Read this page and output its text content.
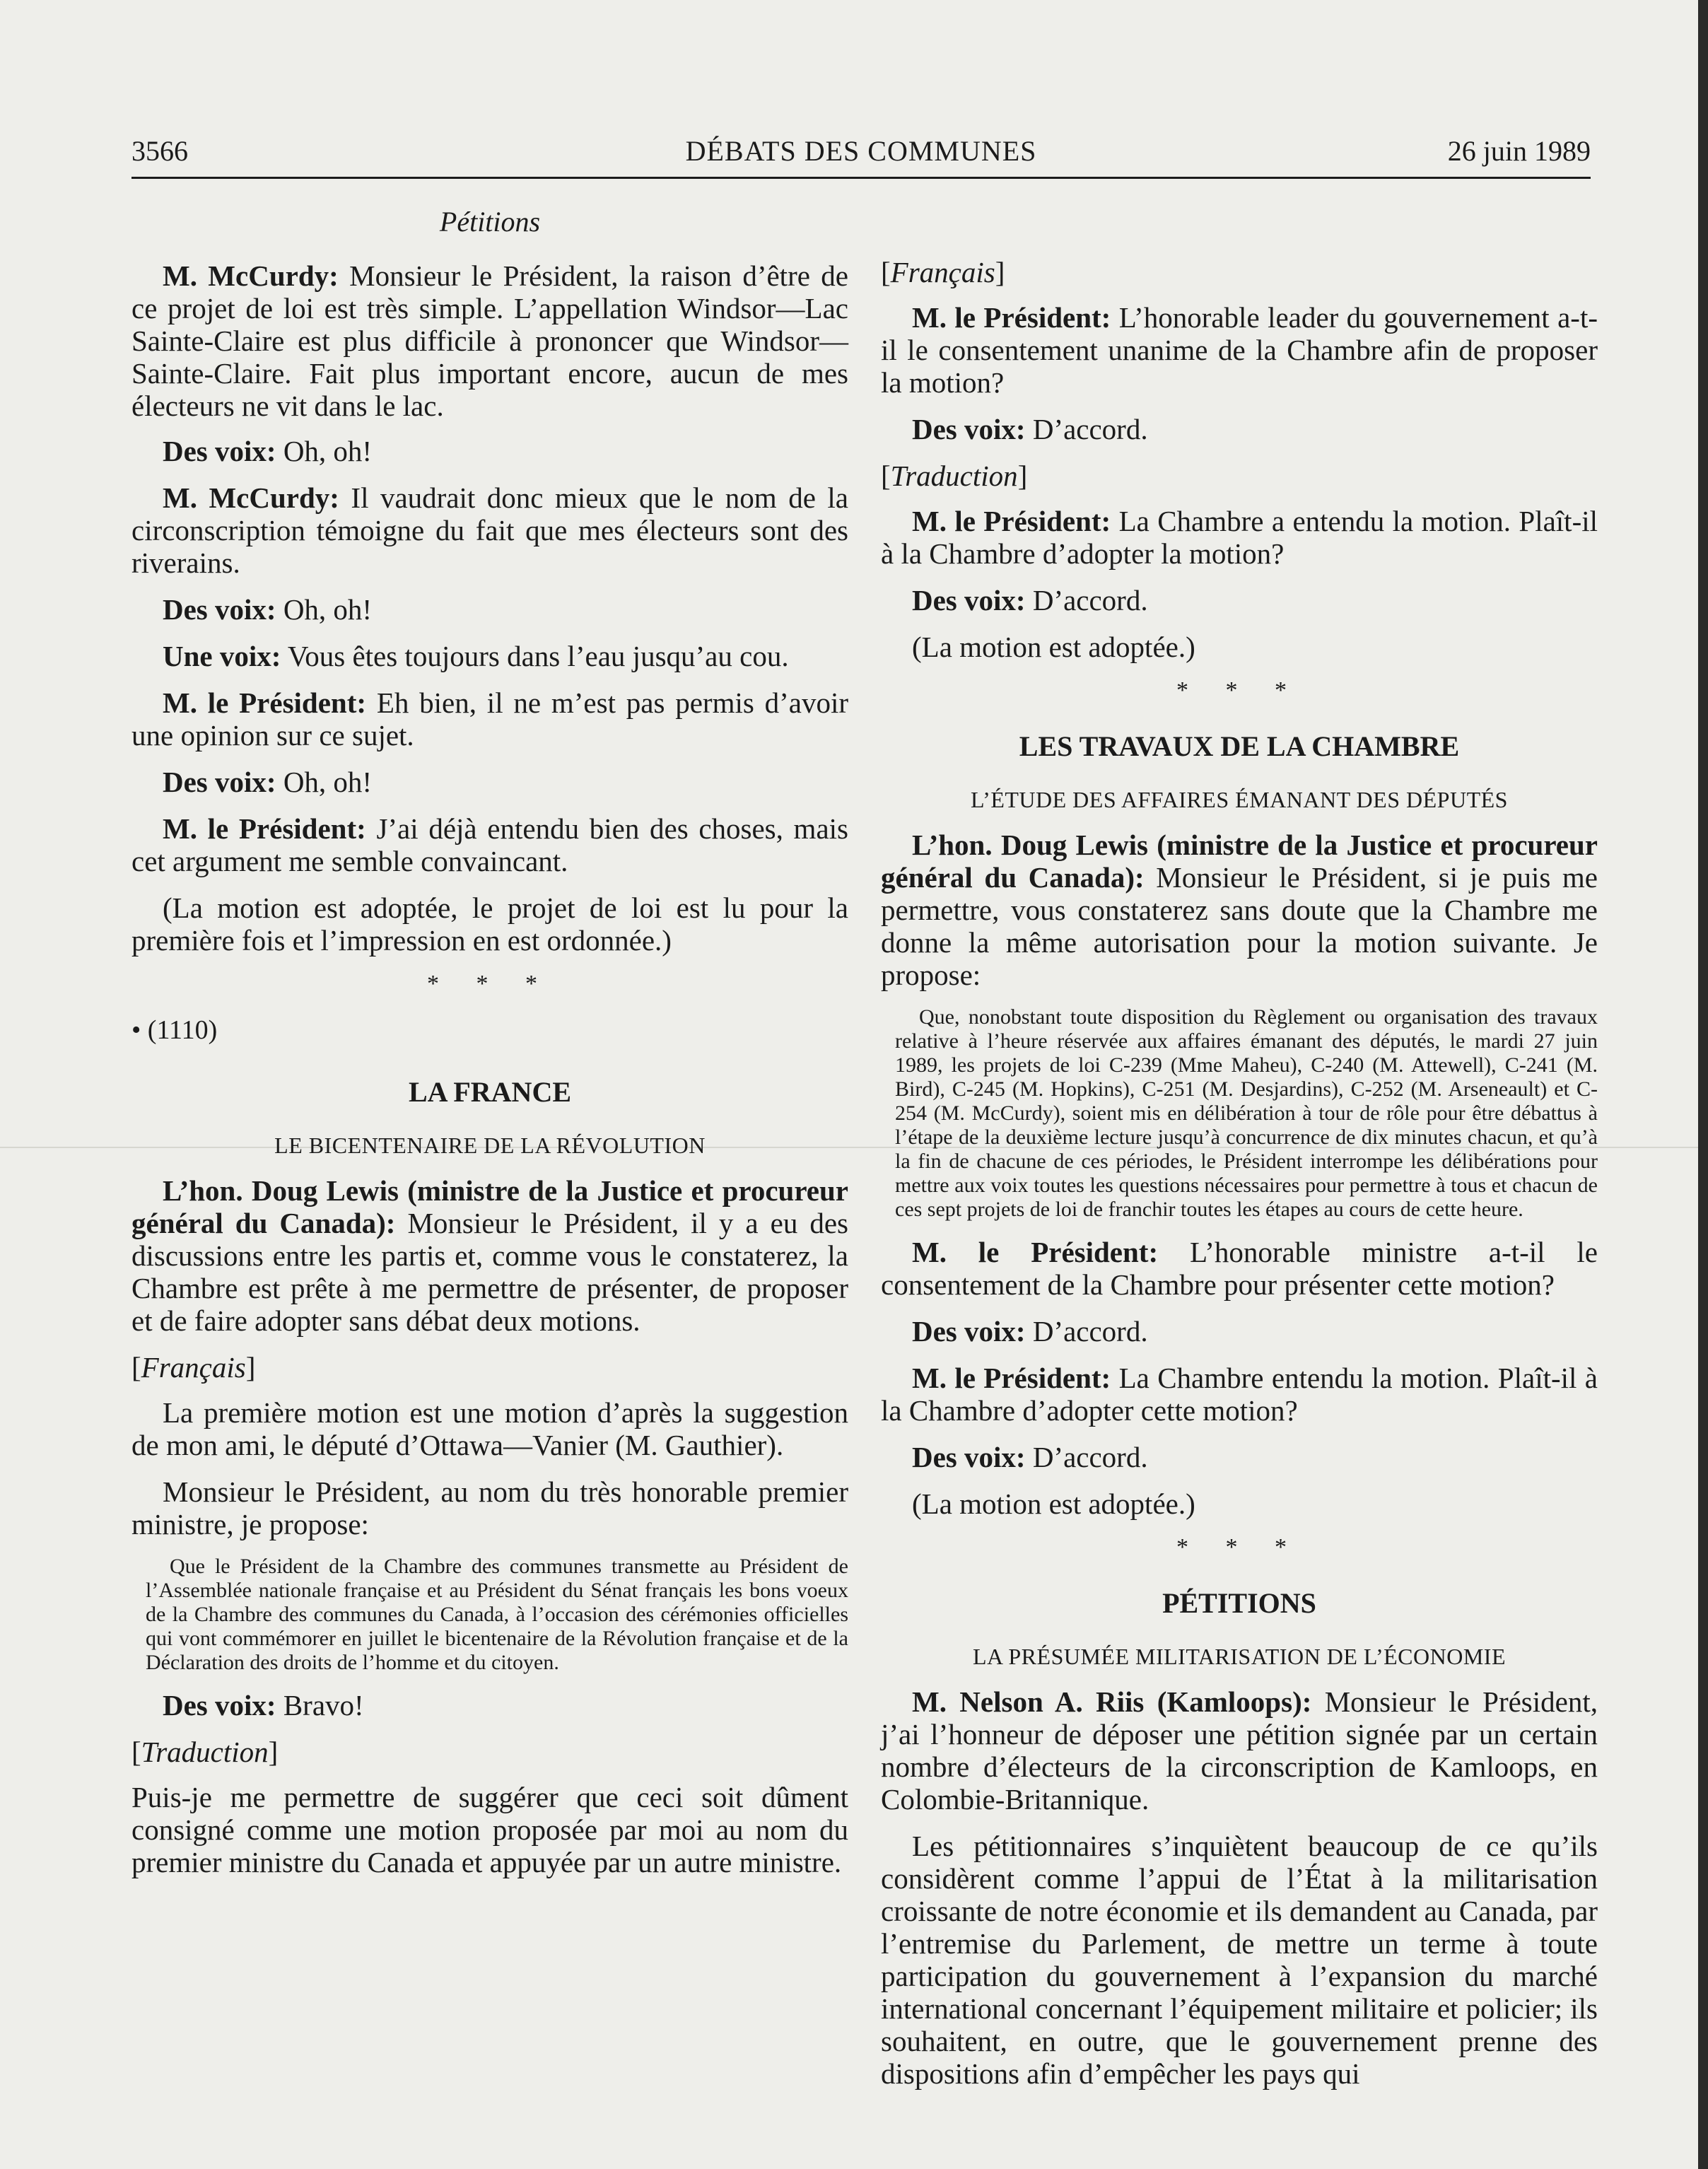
3566	DÉBATS DES COMMUNES	26 juin 1989

Pétitions

M. McCurdy: Monsieur le Président, la raison d’être de ce projet de loi est très simple. L’appellation Windsor—Lac Sainte-Claire est plus difficile à prononcer que Windsor—Sainte-Claire. Fait plus important encore, aucun de mes électeurs ne vit dans le lac.

Des voix: Oh, oh!

M. McCurdy: Il vaudrait donc mieux que le nom de la circonscription témoigne du fait que mes électeurs sont des riverains.

Des voix: Oh, oh!

Une voix: Vous êtes toujours dans l’eau jusqu’au cou.

M. le Président: Eh bien, il ne m’est pas permis d’avoir une opinion sur ce sujet.

Des voix: Oh, oh!

M. le Président: J’ai déjà entendu bien des choses, mais cet argument me semble convaincant.

(La motion est adoptée, le projet de loi est lu pour la première fois et l’impression en est ordonnée.)

* * *

• (1110)

LA FRANCE

LE BICENTENAIRE DE LA RÉVOLUTION

L’hon. Doug Lewis (ministre de la Justice et procureur général du Canada): Monsieur le Président, il y a eu des discussions entre les partis et, comme vous le constaterez, la Chambre est prête à me permettre de présenter, de proposer et de faire adopter sans débat deux motions.

[Français]

La première motion est une motion d’après la suggestion de mon ami, le député d’Ottawa—Vanier (M. Gauthier).

Monsieur le Président, au nom du très honorable premier ministre, je propose:

Que le Président de la Chambre des communes transmette au Président de l’Assemblée nationale française et au Président du Sénat français les bons voeux de la Chambre des communes du Canada, à l’occasion des cérémonies officielles qui vont commémorer en juillet le bicentenaire de la Révolution française et de la Déclaration des droits de l’homme et du citoyen.

Des voix: Bravo!

[Traduction]

Puis-je me permettre de suggérer que ceci soit dûment consigné comme une motion proposée par moi au nom du premier ministre du Canada et appuyée par un autre ministre.

[Français]

M. le Président: L’honorable leader du gouvernement a-t-il le consentement unanime de la Chambre afin de proposer la motion?

Des voix: D’accord.

[Traduction]

M. le Président: La Chambre a entendu la motion. Plaît-il à la Chambre d’adopter la motion?

Des voix: D’accord.

(La motion est adoptée.)

* * *

LES TRAVAUX DE LA CHAMBRE

L’ÉTUDE DES AFFAIRES ÉMANANT DES DÉPUTÉS

L’hon. Doug Lewis (ministre de la Justice et procureur général du Canada): Monsieur le Président, si je puis me permettre, vous constaterez sans doute que la Chambre me donne la même autorisation pour la motion suivante. Je propose:

Que, nonobstant toute disposition du Règlement ou organisation des travaux relative à l’heure réservée aux affaires émanant des députés, le mardi 27 juin 1989, les projets de loi C-239 (Mme Maheu), C-240 (M. Attewell), C-241 (M. Bird), C-245 (M. Hopkins), C-251 (M. Desjardins), C-252 (M. Arseneault) et C-254 (M. McCurdy), soient mis en délibération à tour de rôle pour être débattus à l’étape de la deuxième lecture jusqu’à concurrence de dix minutes chacun, et qu’à la fin de chacune de ces périodes, le Président interrompe les délibérations pour mettre aux voix toutes les questions nécessaires pour permettre à tous et chacun de ces sept projets de loi de franchir toutes les étapes au cours de cette heure.

M. le Président: L’honorable ministre a-t-il le consentement de la Chambre pour présenter cette motion?

Des voix: D’accord.

M. le Président: La Chambre entendu la motion. Plaît-il à la Chambre d’adopter cette motion?

Des voix: D’accord.

(La motion est adoptée.)

* * *

PÉTITIONS

LA PRÉSUMÉE MILITARISATION DE L’ÉCONOMIE

M. Nelson A. Riis (Kamloops): Monsieur le Président, j’ai l’honneur de déposer une pétition signée par un certain nombre d’électeurs de la circonscription de Kamloops, en Colombie-Britannique.

Les pétitionnaires s’inquiètent beaucoup de ce qu’ils considèrent comme l’appui de l’État à la militarisation croissante de notre économie et ils demandent au Canada, par l’entremise du Parlement, de mettre un terme à toute participation du gouvernement à l’expansion du marché international concernant l’équipement militaire et policier; ils souhaitent, en outre, que le gouvernement prenne des dispositions afin d’empêcher les pays qui
